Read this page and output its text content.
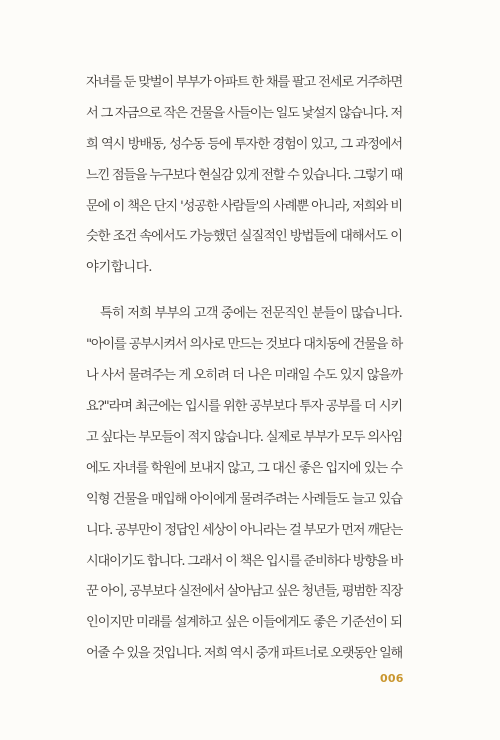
자녀를 둔 맞벌이 부부가 아파트 한 채를 팔고 전세로 거주하면
서 그 자금으로 작은 건물을 사들이는 일도 낯설지 않습니다. 저
희 역시 방배동, 성수동 등에 투자한 경험이 있고, 그 과정에서
느낀 점들을 누구보다 현실감 있게 전할 수 있습니다. 그렇기 때
문에 이 책은 단지 '성공한 사람들'의 사례뿐 아니라, 저희와 비
슷한 조건 속에서도 가능했던 실질적인 방법들에 대해서도 이
야기합니다.
특히 저희 부부의 고객 중에는 전문직인 분들이 많습니다.
"아이를 공부시켜서 의사로 만드는 것보다 대치동에 건물을 하
나 사서 물려주는 게 오히려 더 나은 미래일 수도 있지 않을까
요?"라며 최근에는 입시를 위한 공부보다 투자 공부를 더 시키
고 싶다는 부모들이 적지 않습니다. 실제로 부부가 모두 의사임
에도 자녀를 학원에 보내지 않고, 그 대신 좋은 입지에 있는 수
익형 건물을 매입해 아이에게 물려주려는 사례들도 늘고 있습
니다. 공부만이 정답인 세상이 아니라는 걸 부모가 먼저 깨닫는
시대이기도 합니다. 그래서 이 책은 입시를 준비하다 방향을 바
꾼 아이, 공부보다 실전에서 살아남고 싶은 청년들, 평범한 직장
인이지만 미래를 설계하고 싶은 이들에게도 좋은 기준선이 되
어줄 수 있을 것입니다. 저희 역시 중개 파트너로 오랫동안 일해
006
